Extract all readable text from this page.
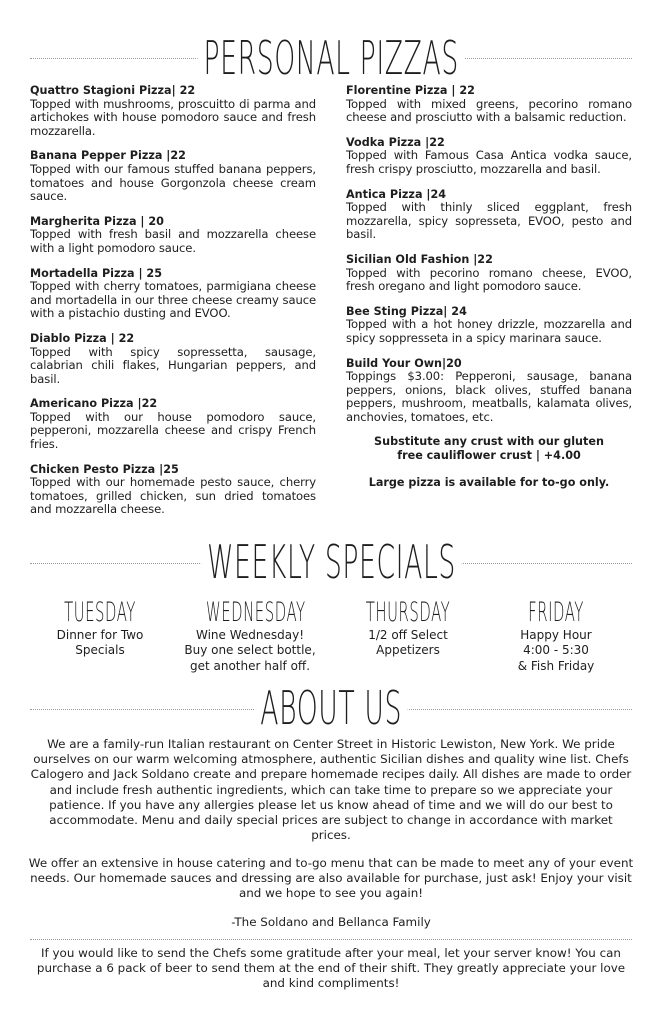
PERSONAL PIZZAS
Quattro Stagioni Pizza| 22
Topped with mushrooms, proscuitto di parma and artichokes with house pomodoro sauce and fresh mozzarella.
Banana Pepper Pizza |22
Topped with our famous stuffed banana peppers, tomatoes and house Gorgonzola cheese cream sauce.
Margherita Pizza | 20
Topped with fresh basil and mozzarella cheese with a light pomodoro sauce.
Mortadella Pizza | 25
Topped with cherry tomatoes, parmigiana cheese and mortadella in our three cheese creamy sauce with a pistachio dusting and EVOO.
Diablo Pizza | 22
Topped with spicy sopressetta, sausage, calabrian chili flakes, Hungarian peppers, and basil.
Americano Pizza |22
Topped with our house pomodoro sauce, pepperoni, mozzarella cheese and crispy French fries.
Chicken Pesto Pizza |25
Topped with our homemade pesto sauce, cherry tomatoes, grilled chicken, sun dried tomatoes and mozzarella cheese.
Florentine Pizza | 22
Topped with mixed greens, pecorino romano cheese and prosciutto with a balsamic reduction.
Vodka Pizza |22
Topped with Famous Casa Antica vodka sauce, fresh crispy prosciutto, mozzarella and basil.
Antica Pizza |24
Topped with thinly sliced eggplant, fresh mozzarella, spicy sopresseta, EVOO, pesto and basil.
Sicilian Old Fashion |22
Topped with pecorino romano cheese, EVOO, fresh oregano and light pomodoro sauce.
Bee Sting Pizza| 24
Topped with a hot honey drizzle, mozzarella and spicy soppresseta in a spicy marinara sauce.
Build Your Own|20
Toppings $3.00: Pepperoni, sausage, banana peppers, onions, black olives, stuffed banana peppers, mushroom, meatballs, kalamata olives, anchovies, tomatoes, etc.
Substitute any crust with our gluten free cauliflower crust | +4.00
Large pizza is available for to-go only.
WEEKLY SPECIALS
TUESDAY
Dinner for Two
Specials
WEDNESDAY
Wine Wednesday!
Buy one select bottle,
get another half off.
THURSDAY
1/2 off Select
Appetizers
FRIDAY
Happy Hour
4:00 - 5:30
& Fish Friday
ABOUT US
We are a family-run Italian restaurant on Center Street in Historic Lewiston, New York. We pride ourselves on our warm welcoming atmosphere, authentic Sicilian dishes and quality wine list. Chefs Calogero and Jack Soldano create and prepare homemade recipes daily. All dishes are made to order and include fresh authentic ingredients, which can take time to prepare so we appreciate your patience. If you have any allergies please let us know ahead of time and we will do our best to accommodate. Menu and daily special prices are subject to change in accordance with market prices.
We offer an extensive in house catering and to-go menu that can be made to meet any of your event needs. Our homemade sauces and dressing are also available for purchase, just ask! Enjoy your visit and we hope to see you again!
-The Soldano and Bellanca Family
If you would like to send the Chefs some gratitude after your meal, let your server know! You can purchase a 6 pack of beer to send them at the end of their shift. They greatly appreciate your love and kind compliments!
